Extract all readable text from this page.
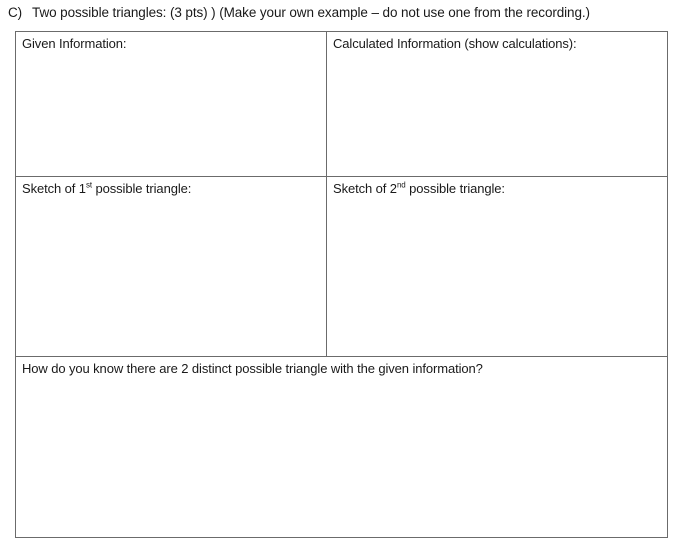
C) Two possible triangles: (3 pts) ) (Make your own example – do not use one from the recording.)
Given Information:	Calculated Information (show calculations):
Sketch of 1st possible triangle:	Sketch of 2nd possible triangle:
How do you know there are 2 distinct possible triangle with the given information?
